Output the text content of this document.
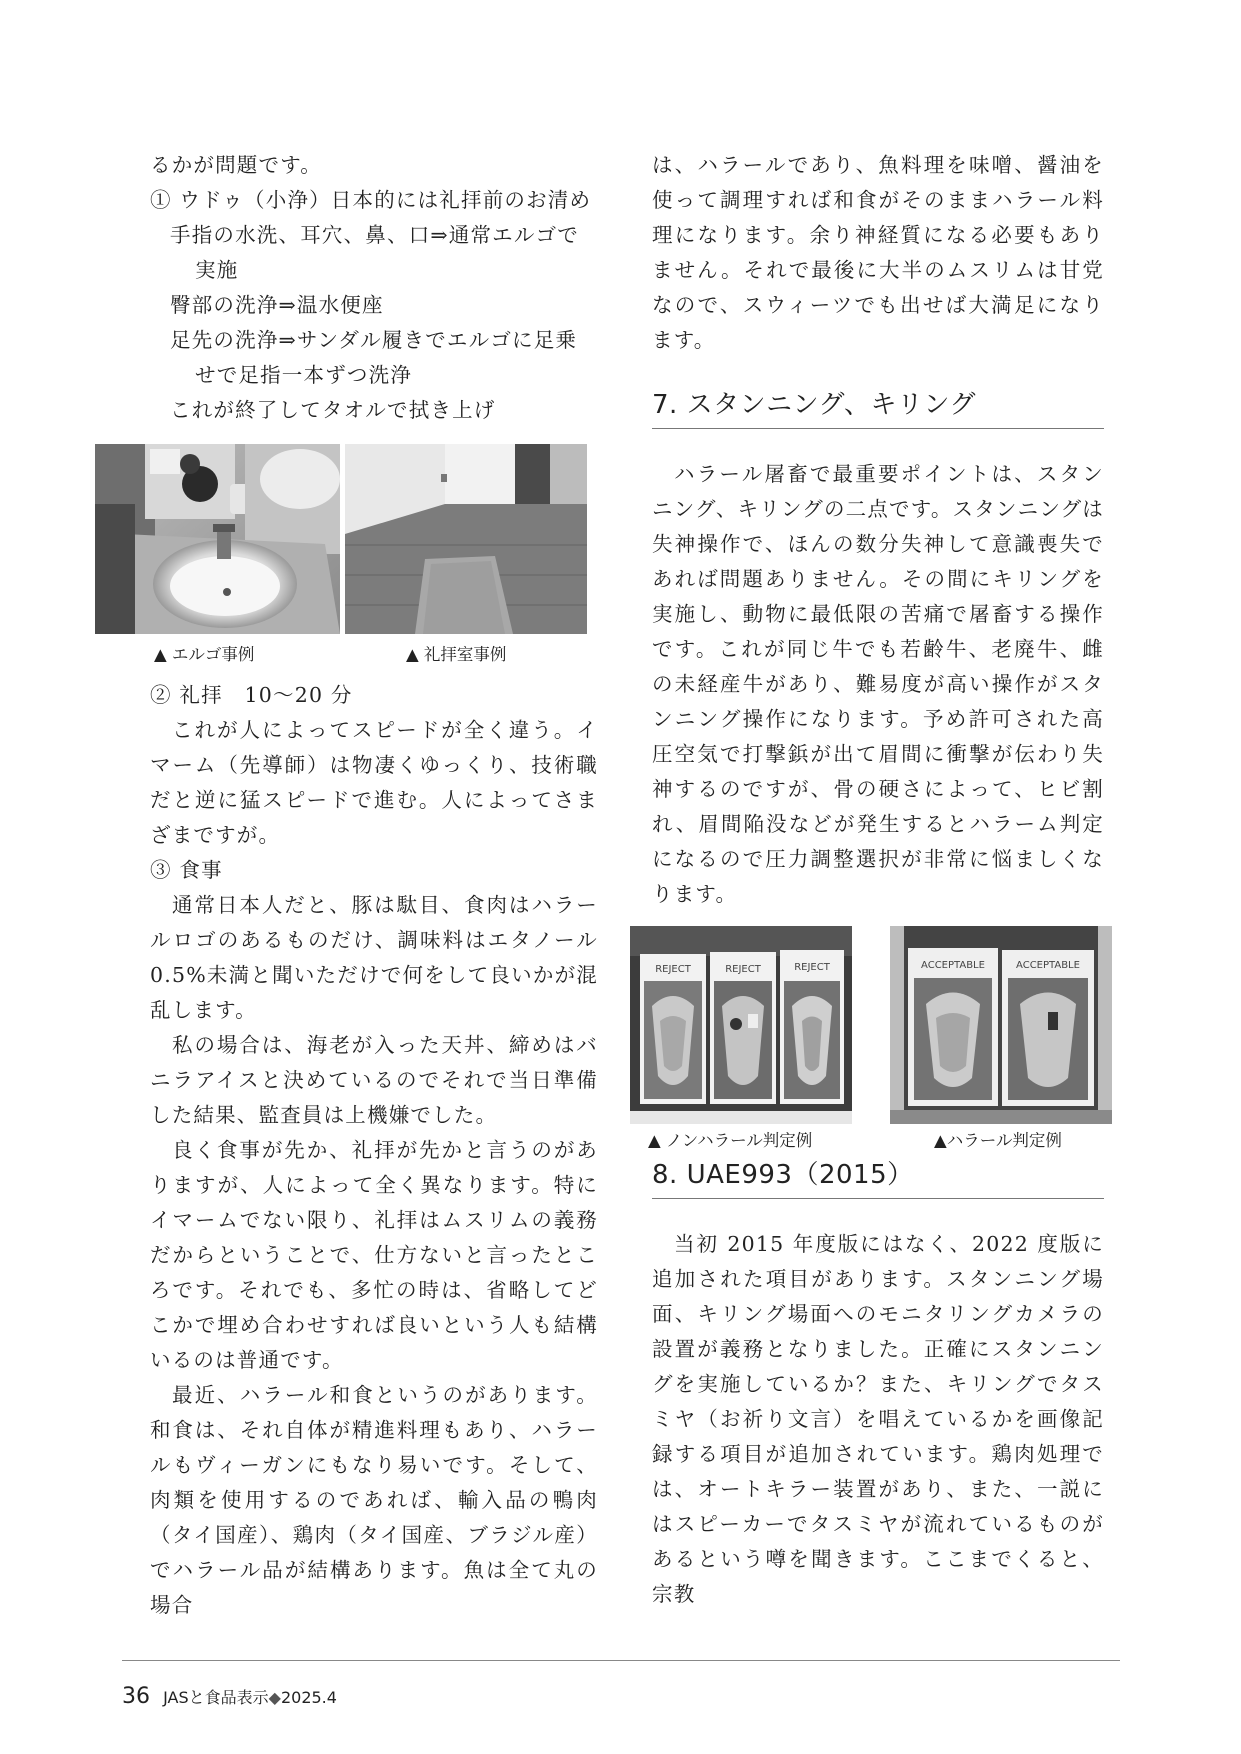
るかが問題です。
① ウドゥ（小浄）日本的には礼拝前のお清め
手指の水洗、耳穴、鼻、口⇒通常エルゴで
実施
臀部の洗浄⇒温水便座
足先の洗浄⇒サンダル履きでエルゴに足乗
せで足指一本ずつ洗浄
これが終了してタオルで拭き上げ
▲ エルゴ事例	▲ 礼拝室事例
② 礼拝　10〜20 分
これが人によってスピードが全く違う。イマーム（先導師）は物凄くゆっくり、技術職だと逆に猛スピードで進む。人によってさまざまですが。
③ 食事
通常日本人だと、豚は駄目、食肉はハラールロゴのあるものだけ、調味料はエタノール0.5%未満と聞いただけで何をして良いかが混乱します。
私の場合は、海老が入った天丼、締めはバニラアイスと決めているのでそれで当日準備した結果、監査員は上機嫌でした。
良く食事が先か、礼拝が先かと言うのがありますが、人によって全く異なります。特にイマームでない限り、礼拝はムスリムの義務だからということで、仕方ないと言ったところです。それでも、多忙の時は、省略してどこかで埋め合わせすれば良いという人も結構いるのは普通です。
最近、ハラール和食というのがあります。和食は、それ自体が精進料理もあり、ハラールもヴィーガンにもなり易いです。そして、肉類を使用するのであれば、輸入品の鴨肉（タイ国産）、鶏肉（タイ国産、ブラジル産）でハラール品が結構あります。魚は全て丸の場合
は、ハラールであり、魚料理を味噌、醤油を使って調理すれば和食がそのままハラール料理になります。余り神経質になる必要もありません。それで最後に大半のムスリムは甘党なので、スウィーツでも出せば大満足になります。
7. スタンニング、キリング
ハラール屠畜で最重要ポイントは、スタンニング、キリングの二点です。スタンニングは失神操作で、ほんの数分失神して意識喪失であれば問題ありません。その間にキリングを実施し、動物に最低限の苦痛で屠畜する操作です。これが同じ牛でも若齢牛、老廃牛、雌の未経産牛があり、難易度が高い操作がスタンニング操作になります。予め許可された高圧空気で打撃鋲が出て眉間に衝撃が伝わり失神するのですが、骨の硬さによって、ヒビ割れ、眉間陥没などが発生するとハラーム判定になるので圧力調整選択が非常に悩ましくなります。
REJECT	REJECT	REJECT	ACCEPTABLE	ACCEPTABLE
▲ ノンハラール判定例	▲ハラール判定例
8. UAE993（2015）
当初 2015 年度版にはなく、2022 度版に追加された項目があります。スタンニング場面、キリング場面へのモニタリングカメラの設置が義務となりました。正確にスタンニングを実施しているか？また、キリングでタスミヤ（お祈り文言）を唱えているかを画像記録する項目が追加されています。鶏肉処理では、オートキラー装置があり、また、一説にはスピーカーでタスミヤが流れているものがあるという噂を聞きます。ここまでくると、宗教
36 JASと食品表示◆2025.4
